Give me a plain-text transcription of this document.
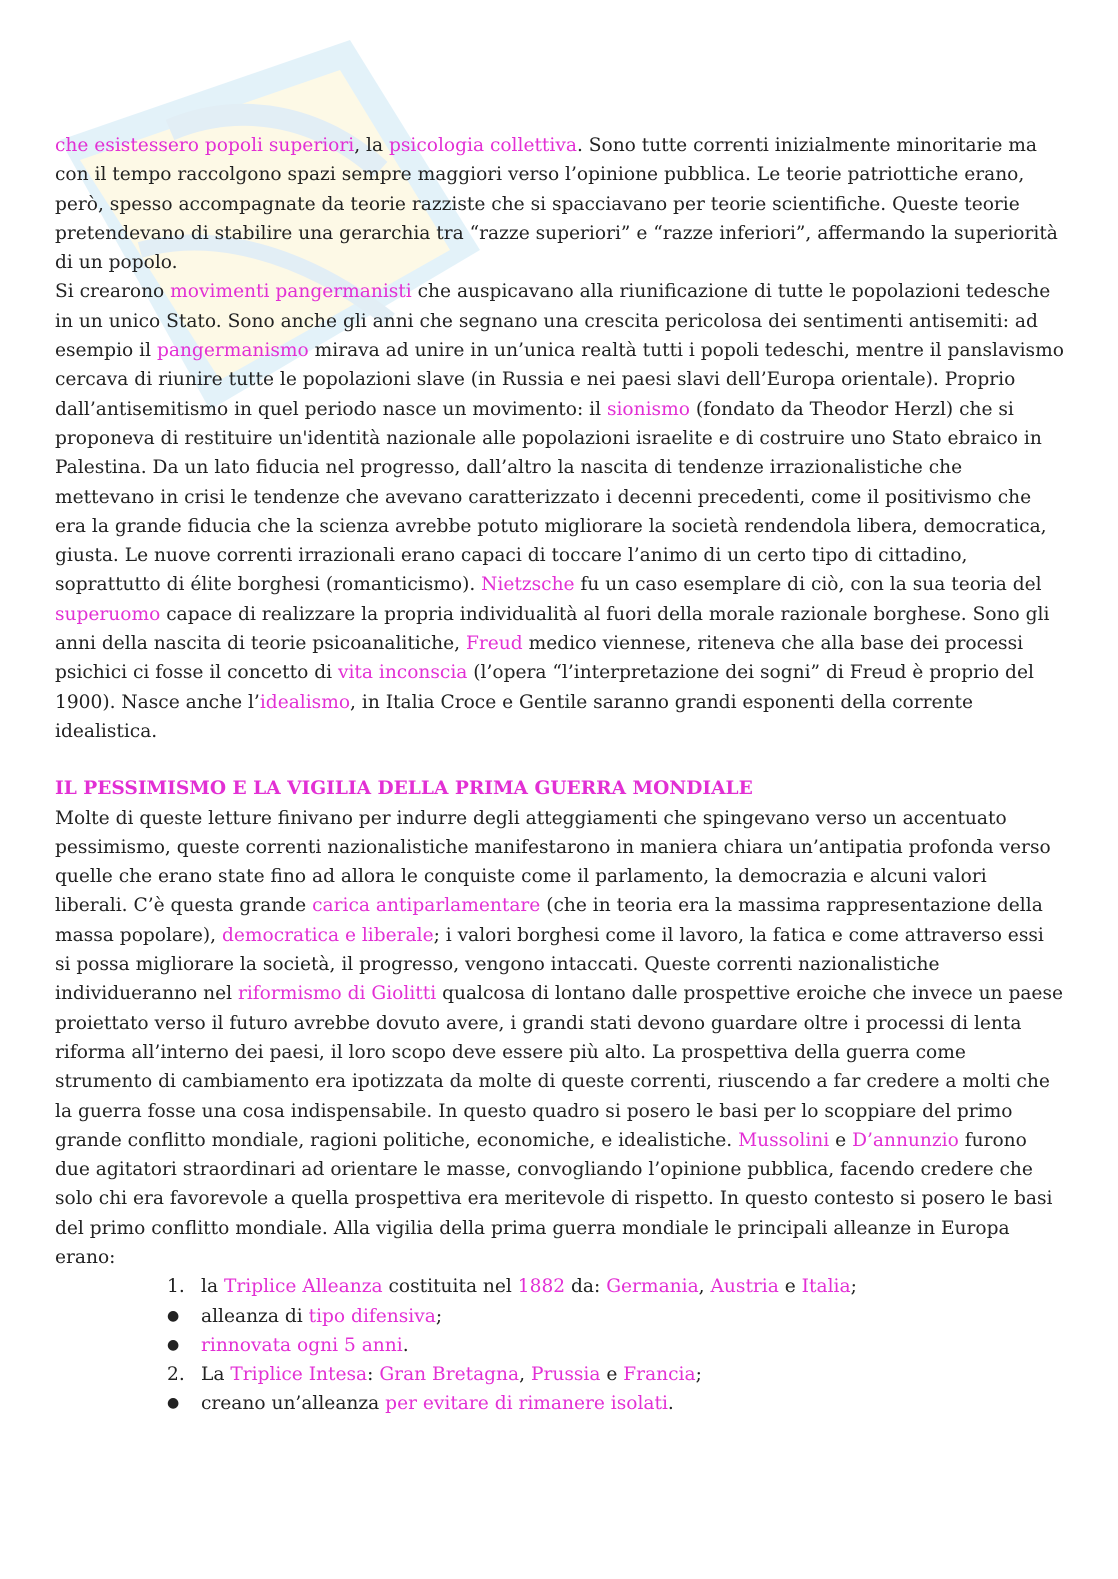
che esistessero popoli superiori, la psicologia collettiva. Sono tutte correnti inizialmente minoritarie ma con il tempo raccolgono spazi sempre maggiori verso l’opinione pubblica. Le teorie patriottiche erano, però, spesso accompagnate da teorie razziste che si spacciavano per teorie scientifiche. Queste teorie pretendevano di stabilire una gerarchia tra “razze superiori” e “razze inferiori”, affermando la superiorità di un popolo.

Si crearono movimenti pangermanisti che auspicavano alla riunificazione di tutte le popolazioni tedesche in un unico Stato. Sono anche gli anni che segnano una crescita pericolosa dei sentimenti antisemiti: ad esempio il pangermanismo mirava ad unire in un’unica realtà tutti i popoli tedeschi, mentre il panslavismo cercava di riunire tutte le popolazioni slave (in Russia e nei paesi slavi dell’Europa orientale). Proprio dall’antisemitismo in quel periodo nasce un movimento: il sionismo (fondato da Theodor Herzl) che si proponeva di restituire un'identità nazionale alle popolazioni israelite e di costruire uno Stato ebraico in Palestina. Da un lato fiducia nel progresso, dall’altro la nascita di tendenze irrazionalistiche che mettevano in crisi le tendenze che avevano caratterizzato i decenni precedenti, come il positivismo che era la grande fiducia che la scienza avrebbe potuto migliorare la società rendendola libera, democratica, giusta. Le nuove correnti irrazionali erano capaci di toccare l’animo di un certo tipo di cittadino, soprattutto di élite borghesi (romanticismo). Nietzsche fu un caso esemplare di ciò, con la sua teoria del superuomo capace di realizzare la propria individualità al fuori della morale razionale borghese. Sono gli anni della nascita di teorie psicoanalitiche, Freud medico viennese, riteneva che alla base dei processi psichici ci fosse il concetto di vita inconscia (l’opera “l’interpretazione dei sogni” di Freud è proprio del 1900). Nasce anche l’idealismo, in Italia Croce e Gentile saranno grandi esponenti della corrente idealistica.

IL PESSIMISMO E LA VIGILIA DELLA PRIMA GUERRA MONDIALE

Molte di queste letture finivano per indurre degli atteggiamenti che spingevano verso un accentuato pessimismo, queste correnti nazionalistiche manifestarono in maniera chiara un’antipatia profonda verso quelle che erano state fino ad allora le conquiste come il parlamento, la democrazia e alcuni valori liberali. C’è questa grande carica antiparlamentare (che in teoria era la massima rappresentazione della massa popolare), democratica e liberale; i valori borghesi come il lavoro, la fatica e come attraverso essi si possa migliorare la società, il progresso, vengono intaccati. Queste correnti nazionalistiche individueranno nel riformismo di Giolitti qualcosa di lontano dalle prospettive eroiche che invece un paese proiettato verso il futuro avrebbe dovuto avere, i grandi stati devono guardare oltre i processi di lenta riforma all’interno dei paesi, il loro scopo deve essere più alto. La prospettiva della guerra come strumento di cambiamento era ipotizzata da molte di queste correnti, riuscendo a far credere a molti che la guerra fosse una cosa indispensabile. In questo quadro si posero le basi per lo scoppiare del primo grande conflitto mondiale, ragioni politiche, economiche, e idealistiche. Mussolini e D’annunzio furono due agitatori straordinari ad orientare le masse, convogliando l’opinione pubblica, facendo credere che solo chi era favorevole a quella prospettiva era meritevole di rispetto. In questo contesto si posero le basi del primo conflitto mondiale. Alla vigilia della prima guerra mondiale le principali alleanze in Europa erano:

1. la Triplice Alleanza costituita nel 1882 da: Germania, Austria e Italia;
●	alleanza di tipo difensiva;
●	rinnovata ogni 5 anni.
2. La Triplice Intesa: Gran Bretagna, Prussia e Francia;
●	creano un’alleanza per evitare di rimanere isolati.
